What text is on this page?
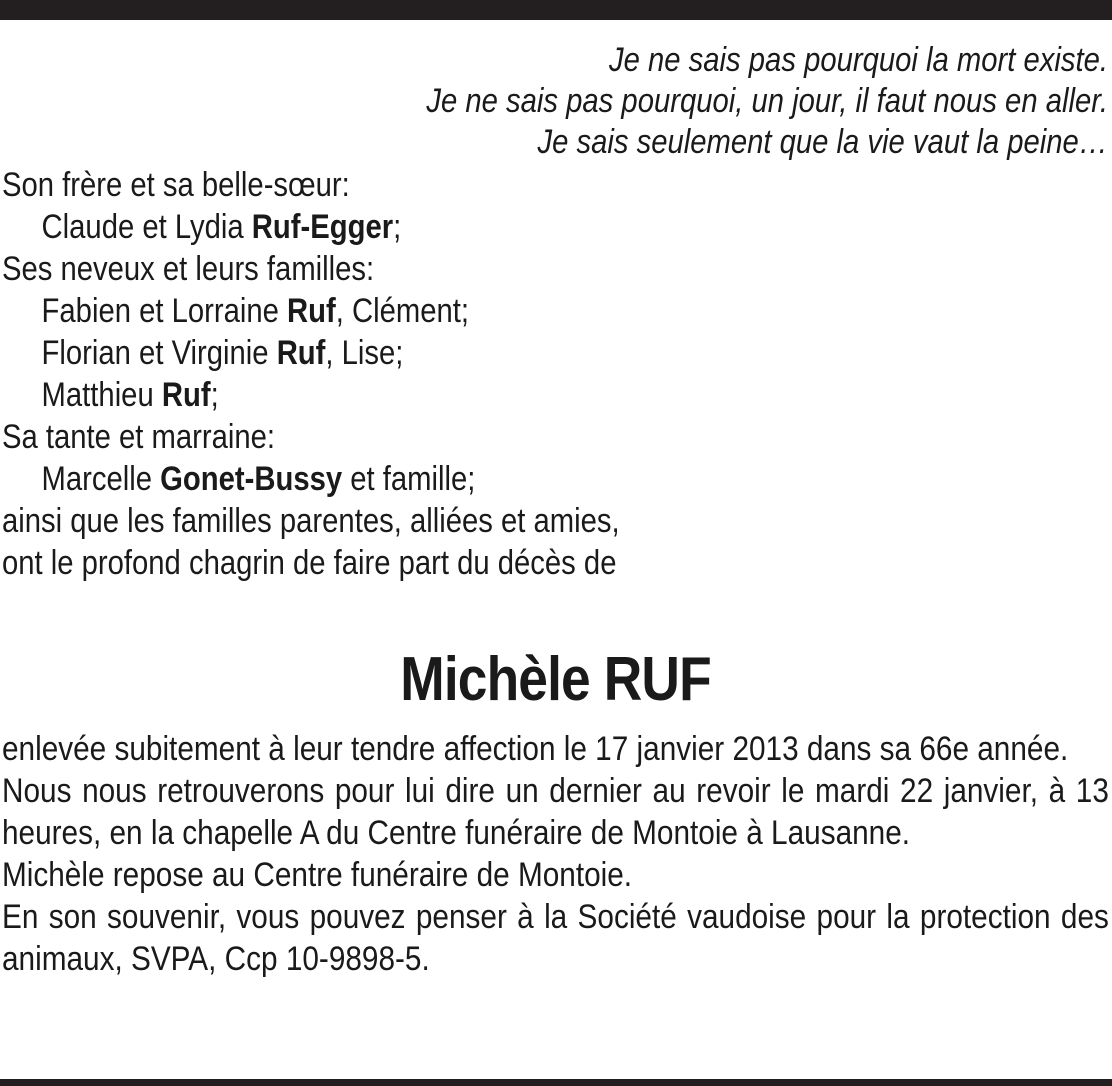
Je ne sais pas pourquoi la mort existe.
Je ne sais pas pourquoi, un jour, il faut nous en aller.
Je sais seulement que la vie vaut la peine…
Son frère et sa belle-sœur:
Claude et Lydia Ruf-Egger;
Ses neveux et leurs familles:
Fabien et Lorraine Ruf, Clément;
Florian et Virginie Ruf, Lise;
Matthieu Ruf;
Sa tante et marraine:
Marcelle Gonet-Bussy et famille;
ainsi que les familles parentes, alliées et amies,
ont le profond chagrin de faire part du décès de
Michèle RUF

enlevée subitement à leur tendre affection le 17 janvier 2013 dans sa 66e année.

Nous nous retrouverons pour lui dire un dernier au revoir le mardi 22 janvier, à 13 heures, en la chapelle A du Centre funéraire de Montoie à Lausanne.

Michèle repose au Centre funéraire de Montoie.

En son souvenir, vous pouvez penser à la Société vaudoise pour la protection des animaux, SVPA, Ccp 10-9898-5.
